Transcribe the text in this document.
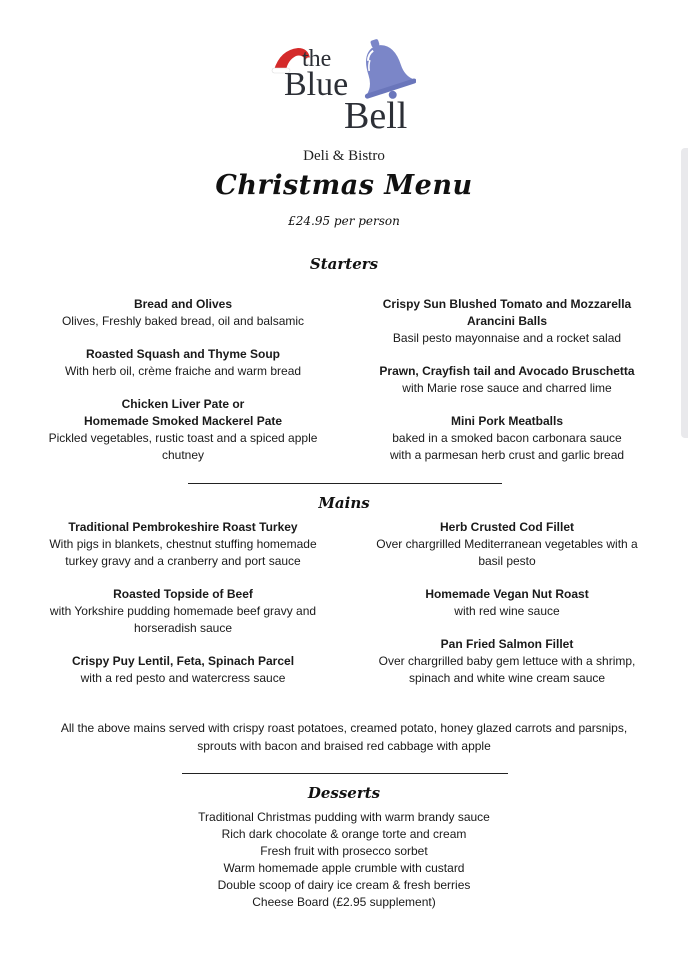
the
Blue
Bell
Deli & Bistro
Christmas Menu
£24.95 per person
Starters
Bread and Olives
Olives, Freshly baked bread, oil and balsamic
Roasted Squash and Thyme Soup
With herb oil, crème fraiche and warm bread
Chicken Liver Pate or
Homemade Smoked Mackerel Pate
Pickled vegetables, rustic toast and a spiced apple
chutney
Crispy Sun Blushed Tomato and Mozzarella
Arancini Balls
Basil pesto mayonnaise and a rocket salad
Prawn, Crayfish tail and Avocado Bruschetta
with Marie rose sauce and charred lime
Mini Pork Meatballs
baked in a smoked bacon carbonara sauce
with a parmesan herb crust and garlic bread
Mains
Traditional Pembrokeshire Roast Turkey
With pigs in blankets, chestnut stuffing homemade
turkey gravy and a cranberry and port sauce
Roasted Topside of Beef
with Yorkshire pudding homemade beef gravy and
horseradish sauce
Crispy Puy Lentil, Feta, Spinach Parcel
with a red pesto and watercress sauce
Herb Crusted Cod Fillet
Over chargrilled Mediterranean vegetables with a
basil pesto
Homemade Vegan Nut Roast
with red wine sauce
Pan Fried Salmon Fillet
Over chargrilled baby gem lettuce with a shrimp,
spinach and white wine cream sauce
All the above mains served with crispy roast potatoes, creamed potato, honey glazed carrots and parsnips,
sprouts with bacon and braised red cabbage with apple
Desserts
Traditional Christmas pudding with warm brandy sauce
Rich dark chocolate & orange torte and cream
Fresh fruit with prosecco sorbet
Warm homemade apple crumble with custard
Double scoop of dairy ice cream & fresh berries
Cheese Board (£2.95 supplement)
